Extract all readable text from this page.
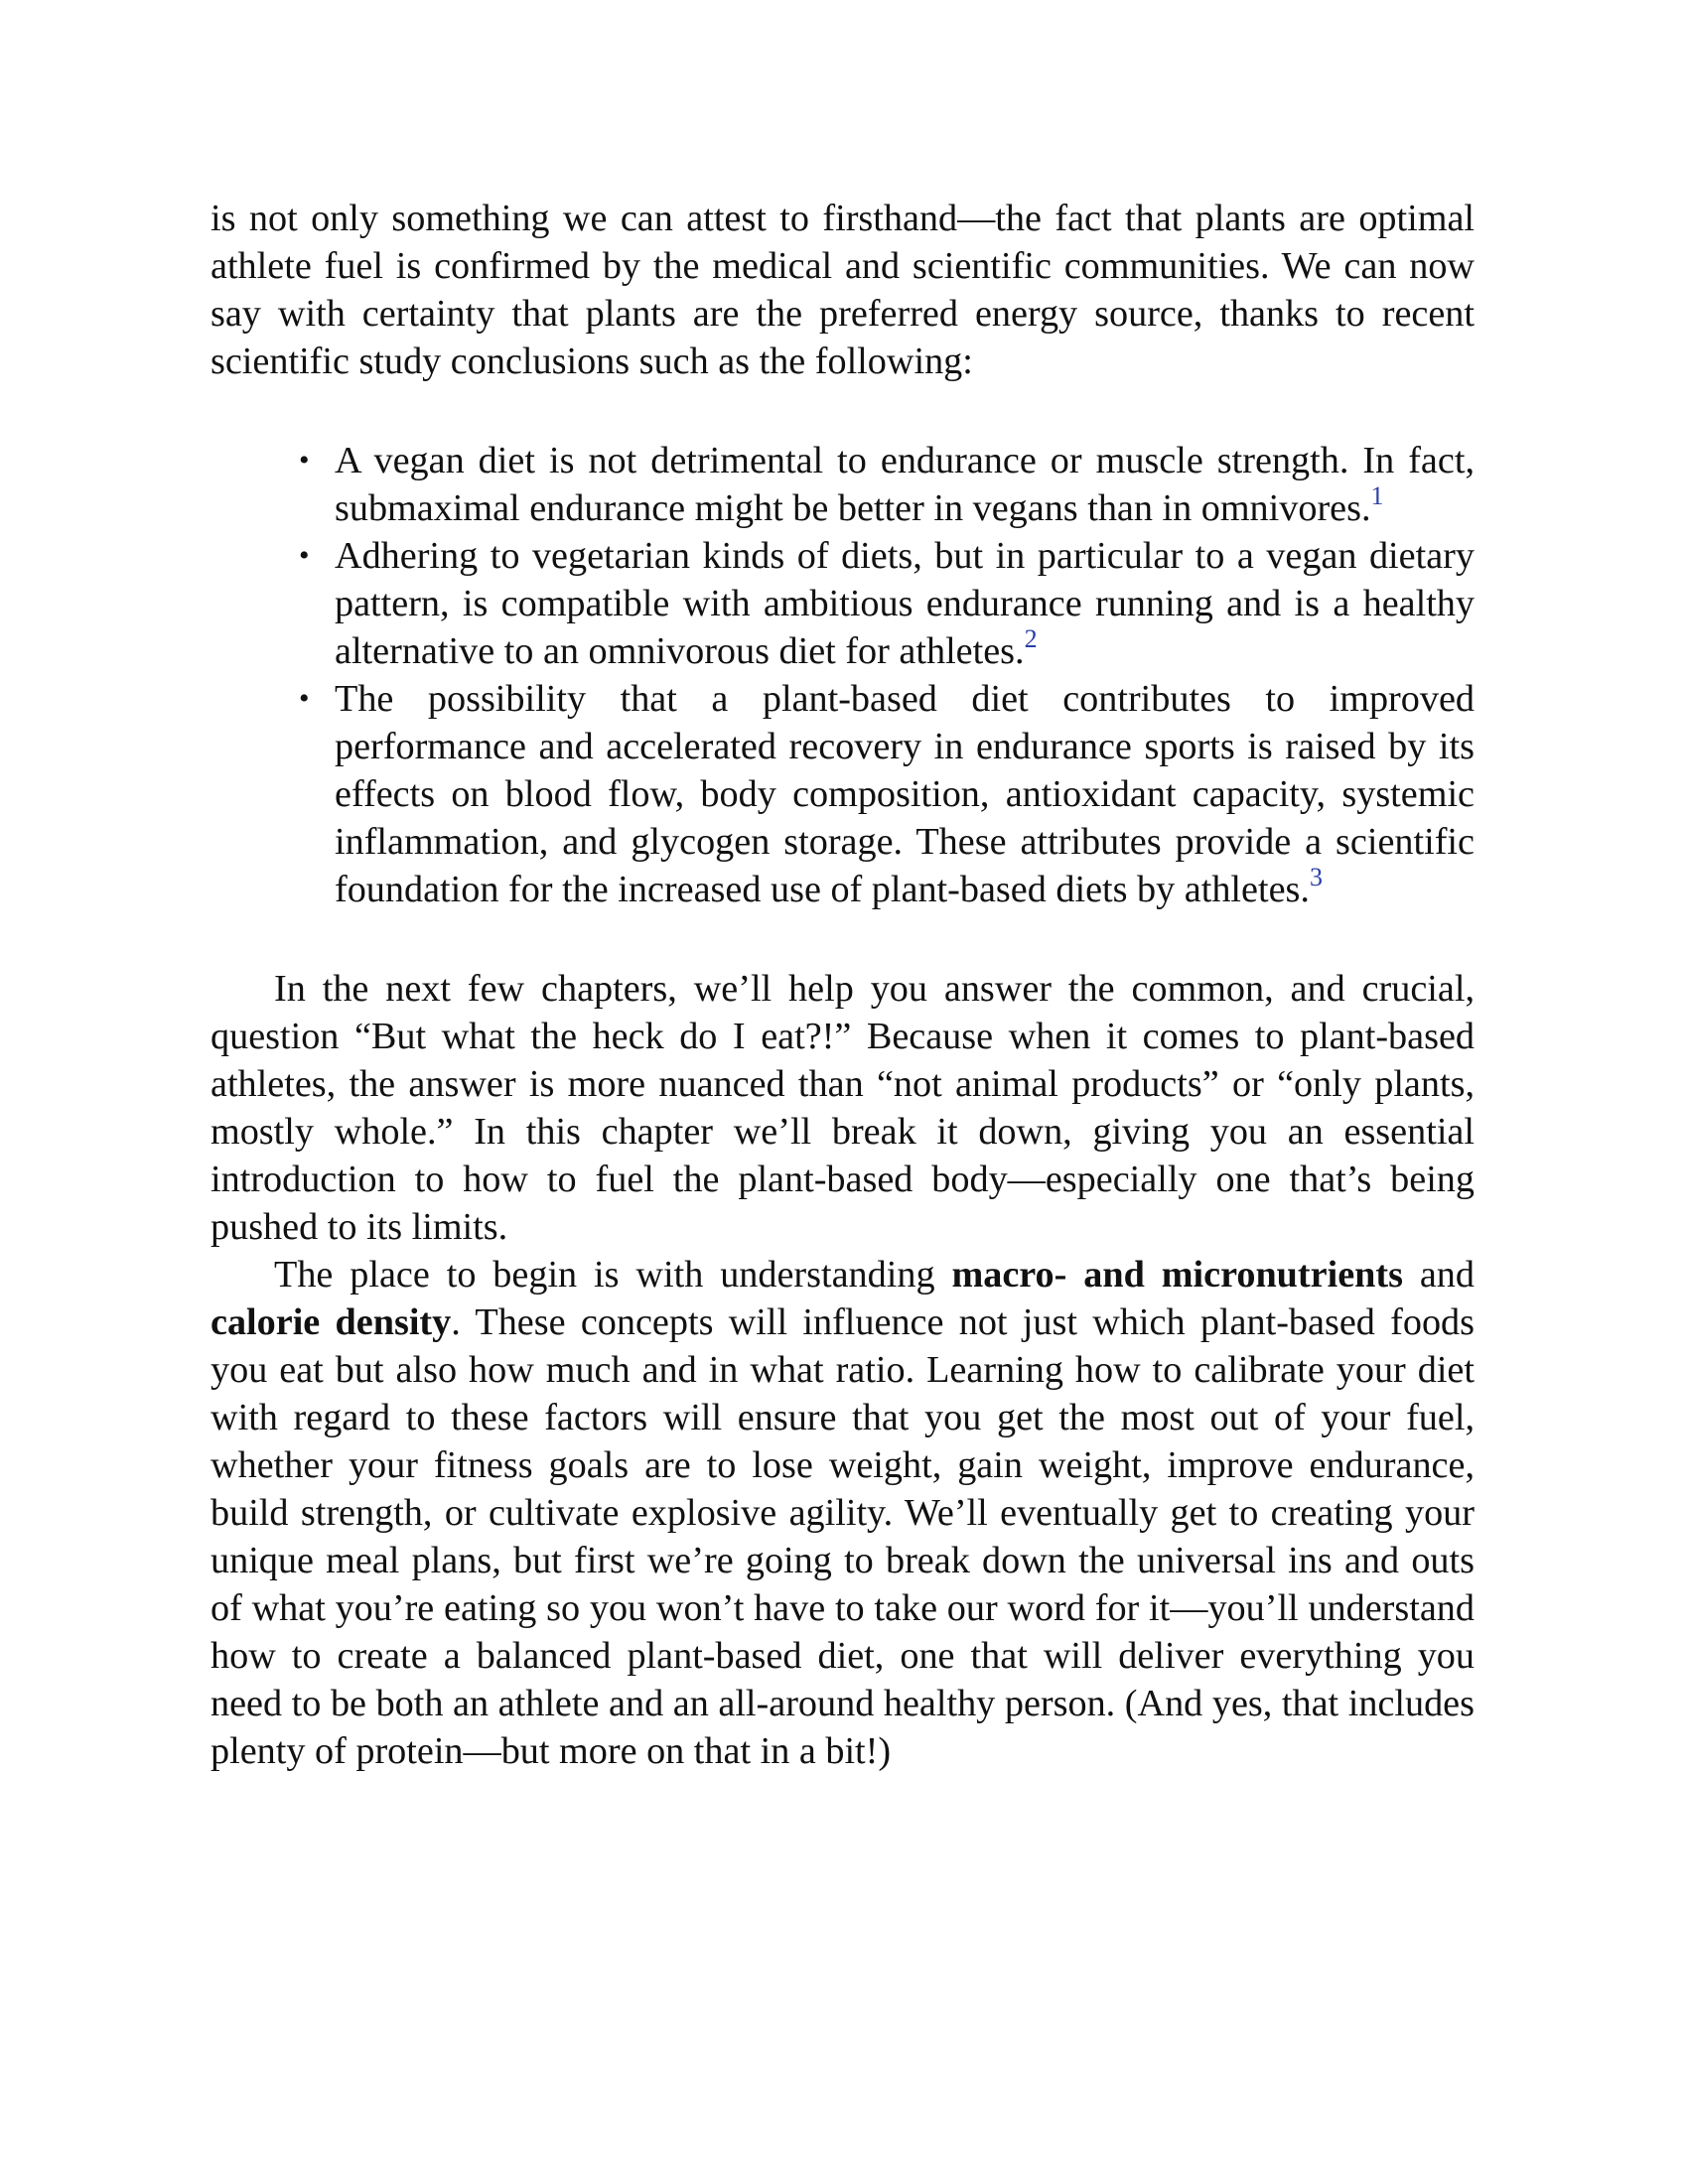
is not only something we can attest to firsthand—the fact that plants are optimal athlete fuel is confirmed by the medical and scientific communities. We can now say with certainty that plants are the preferred energy source, thanks to recent scientific study conclusions such as the following:

• A vegan diet is not detrimental to endurance or muscle strength. In fact, submaximal endurance might be better in vegans than in omnivores.$^1$
• Adhering to vegetarian kinds of diets, but in particular to a vegan dietary pattern, is compatible with ambitious endurance running and is a healthy alternative to an omnivorous diet for athletes.$^2$
• The possibility that a plant-based diet contributes to improved performance and accelerated recovery in endurance sports is raised by its effects on blood flow, body composition, antioxidant capacity, systemic inflammation, and glycogen storage. These attributes provide a scientific foundation for the increased use of plant-based diets by athletes.$^3$

In the next few chapters, we’ll help you answer the common, and crucial, question “But what the heck do I eat?!” Because when it comes to plant-based athletes, the answer is more nuanced than “not animal products” or “only plants, mostly whole.” In this chapter we’ll break it down, giving you an essential introduction to how to fuel the plant-based body—especially one that’s being pushed to its limits.

The place to begin is with understanding macro- and micronutrients and calorie density. These concepts will influence not just which plant-based foods you eat but also how much and in what ratio. Learning how to calibrate your diet with regard to these factors will ensure that you get the most out of your fuel, whether your fitness goals are to lose weight, gain weight, improve endurance, build strength, or cultivate explosive agility. We’ll eventually get to creating your unique meal plans, but first we’re going to break down the universal ins and outs of what you’re eating so you won’t have to take our word for it—you’ll understand how to create a balanced plant-based diet, one that will deliver everything you need to be both an athlete and an all-around healthy person. (And yes, that includes plenty of protein—but more on that in a bit!)
